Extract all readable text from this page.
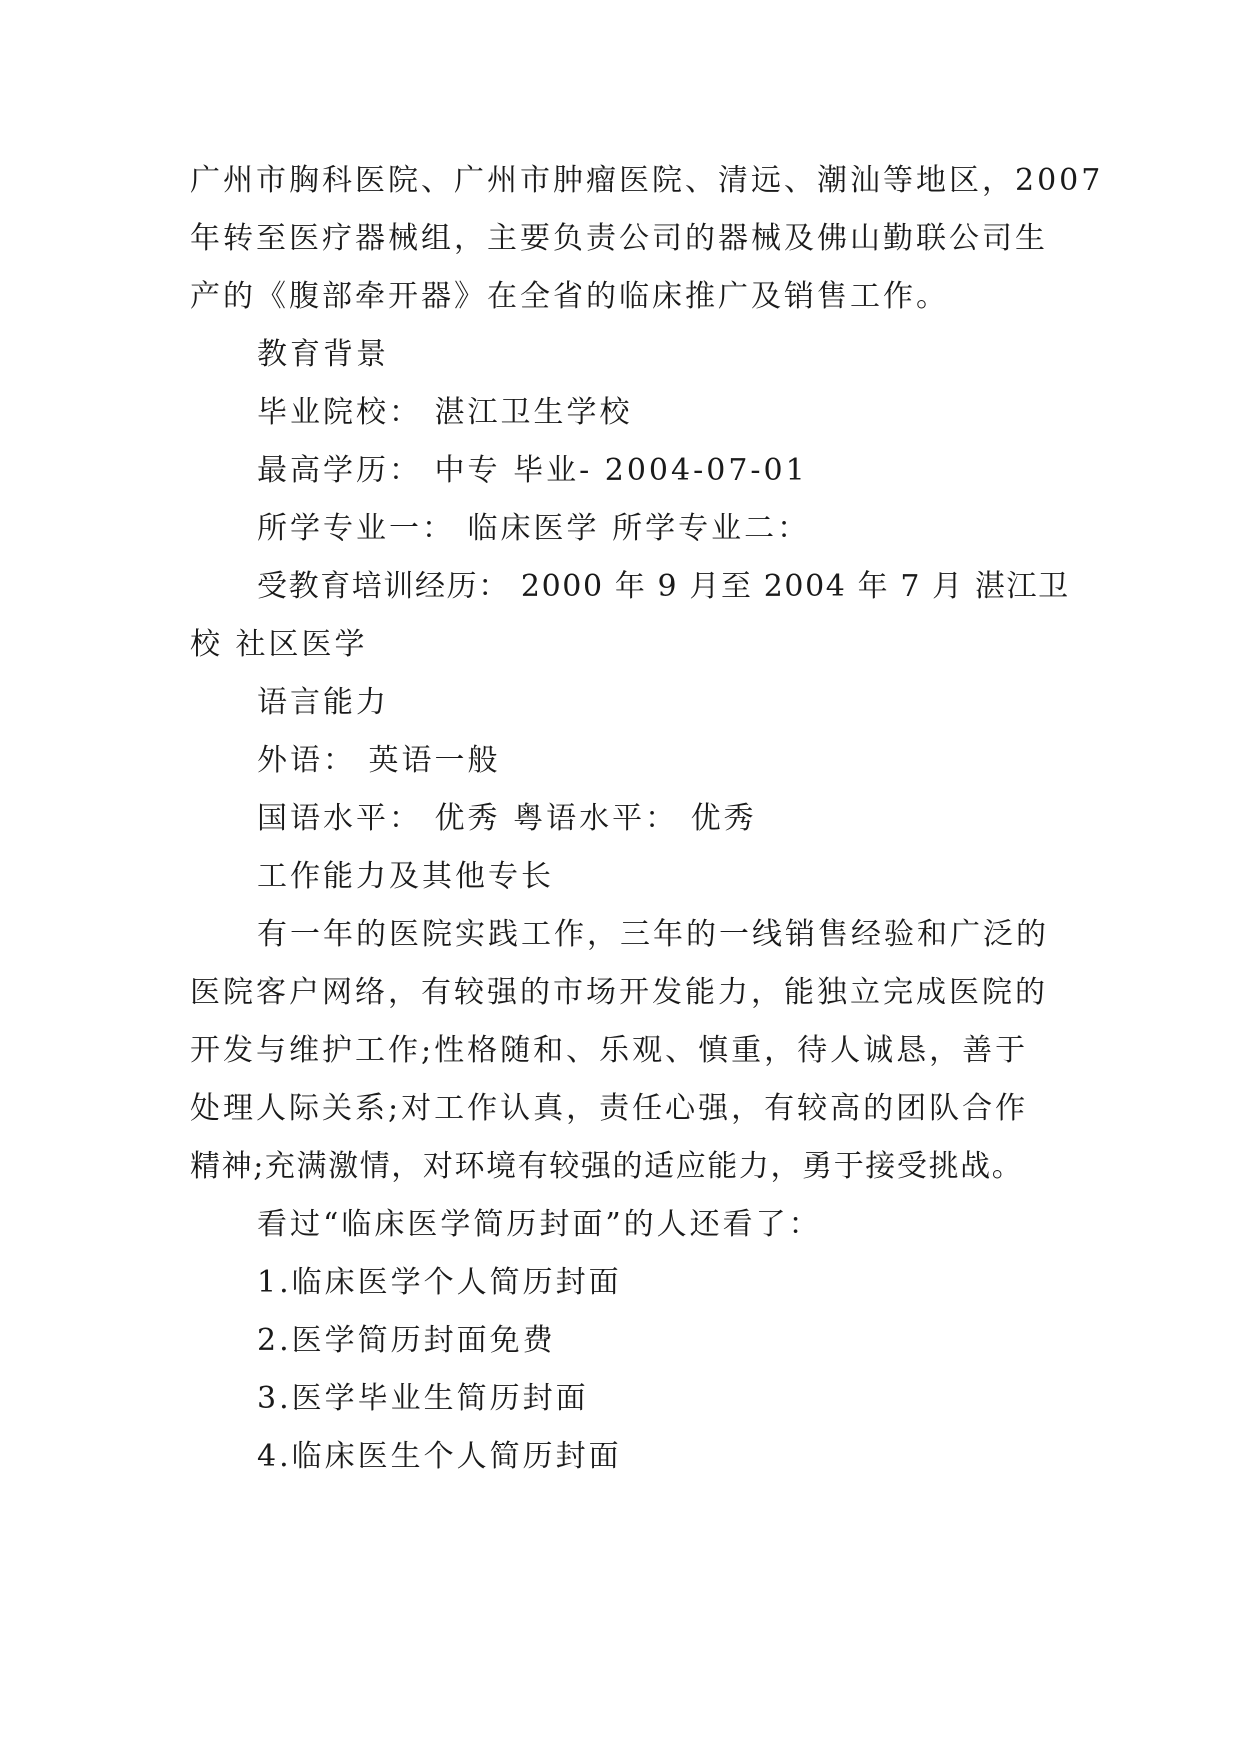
广州市胸科医院、广州市肿瘤医院、清远、潮汕等地区，2007
年转至医疗器械组，主要负责公司的器械及佛山勤联公司生
产的《腹部牵开器》在全省的临床推广及销售工作。
教育背景
毕业院校： 湛江卫生学校
最高学历： 中专 毕业- 2004-07-01
所学专业一： 临床医学 所学专业二：
受教育培训经历： 2000 年 9 月至 2004 年 7 月 湛江卫
校 社区医学
语言能力
外语： 英语一般
国语水平： 优秀 粤语水平： 优秀
工作能力及其他专长
有一年的医院实践工作，三年的一线销售经验和广泛的
医院客户网络，有较强的市场开发能力，能独立完成医院的
开发与维护工作;性格随和、乐观、慎重，待人诚恳，善于
处理人际关系;对工作认真，责任心强，有较高的团队合作
精神;充满激情，对环境有较强的适应能力，勇于接受挑战。
看过“临床医学简历封面”的人还看了：
1.临床医学个人简历封面
2.医学简历封面免费
3.医学毕业生简历封面
4.临床医生个人简历封面
